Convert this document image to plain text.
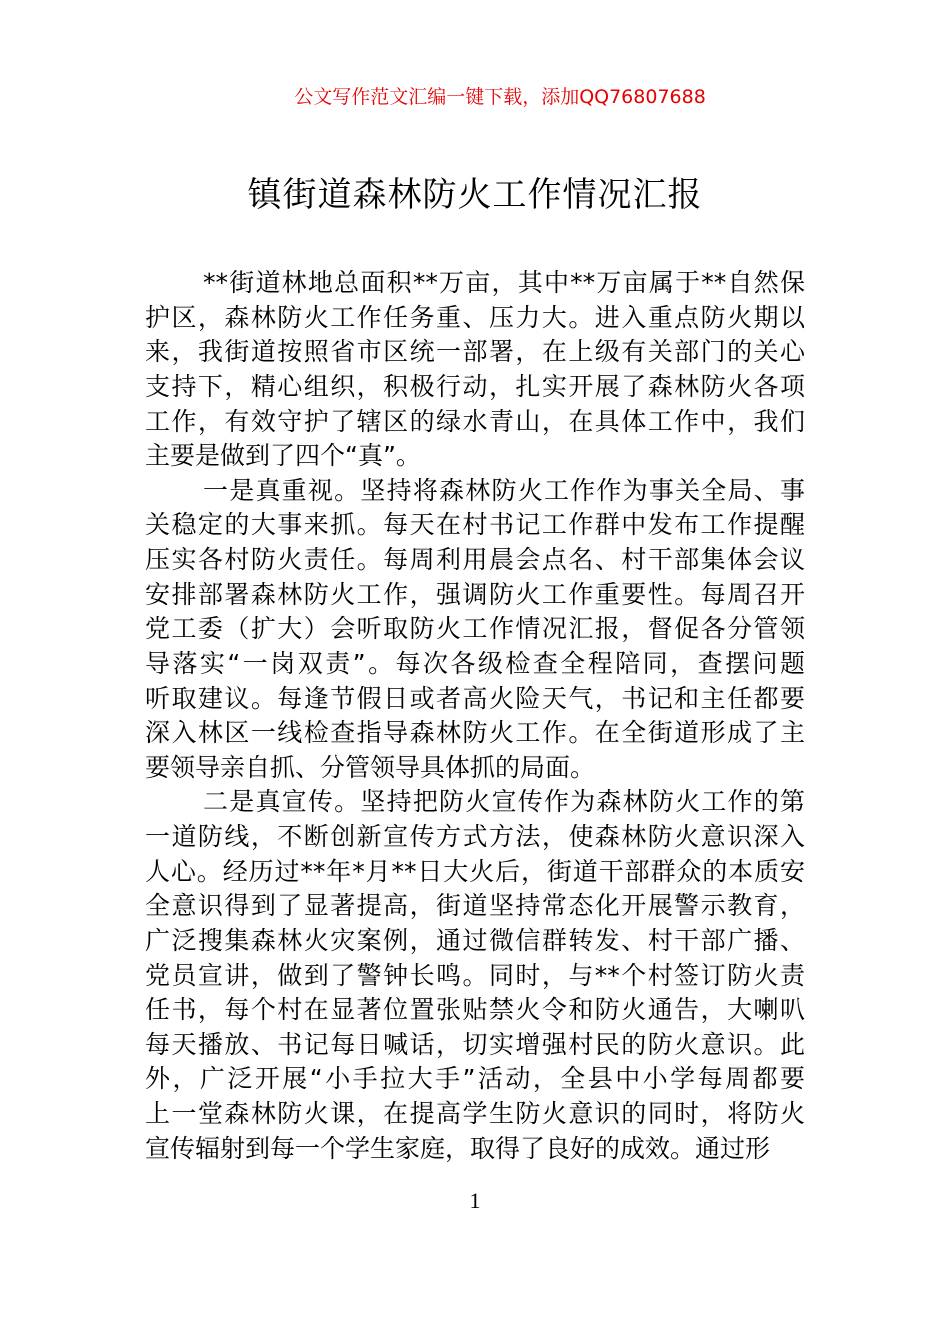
公文写作范文汇编一键下载，添加QQ76807688
镇街道森林防火工作情况汇报
**街道林地总面积**万亩，其中**万亩属于**自然保
护区，森林防火工作任务重、压力大。进入重点防火期以
来，我街道按照省市区统一部署，在上级有关部门的关心
支持下，精心组织，积极行动，扎实开展了森林防火各项
工作，有效守护了辖区的绿水青山，在具体工作中，我们
主要是做到了四个“真”。
一是真重视。坚持将森林防火工作作为事关全局、事
关稳定的大事来抓。每天在村书记工作群中发布工作提醒
压实各村防火责任。每周利用晨会点名、村干部集体会议
安排部署森林防火工作，强调防火工作重要性。每周召开
党工委（扩大）会听取防火工作情况汇报，督促各分管领
导落实“一岗双责”。每次各级检查全程陪同，查摆问题
听取建议。每逢节假日或者高火险天气，书记和主任都要
深入林区一线检查指导森林防火工作。在全街道形成了主
要领导亲自抓、分管领导具体抓的局面。
二是真宣传。坚持把防火宣传作为森林防火工作的第
一道防线，不断创新宣传方式方法，使森林防火意识深入
人心。经历过**年*月**日大火后，街道干部群众的本质安
全意识得到了显著提高，街道坚持常态化开展警示教育，
广泛搜集森林火灾案例，通过微信群转发、村干部广播、
党员宣讲，做到了警钟长鸣。同时，与**个村签订防火责
任书，每个村在显著位置张贴禁火令和防火通告，大喇叭
每天播放、书记每日喊话，切实增强村民的防火意识。此
外，广泛开展“小手拉大手”活动，全县中小学每周都要
上一堂森林防火课，在提高学生防火意识的同时，将防火
宣传辐射到每一个学生家庭，取得了良好的成效。通过形
1
